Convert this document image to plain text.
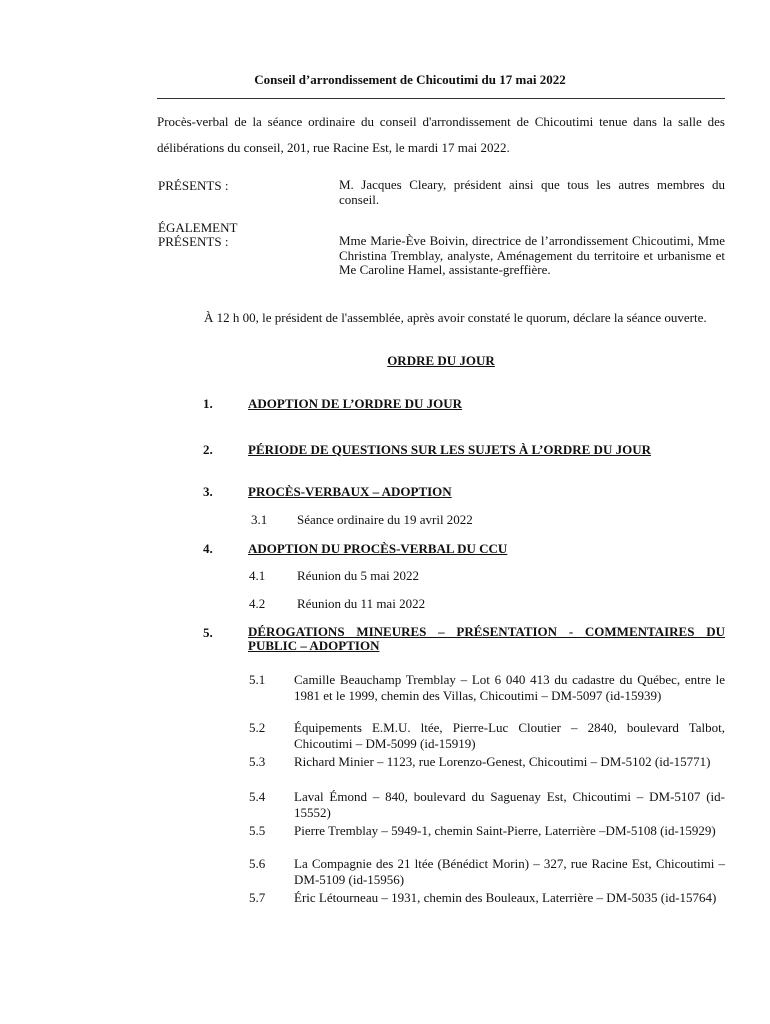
Conseil d’arrondissement de Chicoutimi du 17 mai 2022
Procès-verbal de la séance ordinaire du conseil d'arrondissement de Chicoutimi tenue dans la salle des délibérations du conseil, 201, rue Racine Est, le mardi 17 mai 2022.
PRÉSENTS :	M. Jacques Cleary, président ainsi que tous les autres membres du conseil.
ÉGALEMENT
PRÉSENTS :	Mme Marie-Ève Boivin, directrice de l’arrondissement Chicoutimi, Mme Christina Tremblay, analyste, Aménagement du territoire et urbanisme et Me Caroline Hamel, assistante-greffière.
À 12 h 00, le président de l'assemblée, après avoir constaté le quorum, déclare la séance ouverte.
ORDRE DU JOUR
1.	ADOPTION DE L’ORDRE DU JOUR
2.	PÉRIODE DE QUESTIONS SUR LES SUJETS À L’ORDRE DU JOUR
3.	PROCÈS-VERBAUX – ADOPTION
3.1 Séance ordinaire du 19 avril 2022
4.	ADOPTION DU PROCÈS-VERBAL DU CCU
4.1 Réunion du 5 mai 2022
4.2 Réunion du 11 mai 2022
5.	DÉROGATIONS MINEURES – PRÉSENTATION - COMMENTAIRES DU PUBLIC – ADOPTION
5.1 Camille Beauchamp Tremblay – Lot 6 040 413 du cadastre du Québec, entre le 1981 et le 1999, chemin des Villas, Chicoutimi – DM-5097 (id-15939)
5.2 Équipements E.M.U. ltée, Pierre-Luc Cloutier – 2840, boulevard Talbot, Chicoutimi – DM-5099 (id-15919)
5.3 Richard Minier – 1123, rue Lorenzo-Genest, Chicoutimi – DM-5102 (id-15771)
5.4 Laval Émond – 840, boulevard du Saguenay Est, Chicoutimi – DM-5107 (id-15552)
5.5 Pierre Tremblay – 5949-1, chemin Saint-Pierre, Laterrière –DM-5108 (id-15929)
5.6 La Compagnie des 21 ltée (Bénédict Morin) – 327, rue Racine Est, Chicoutimi – DM-5109 (id-15956)
5.7 Éric Létourneau – 1931, chemin des Bouleaux, Laterrière – DM-5035 (id-15764)
